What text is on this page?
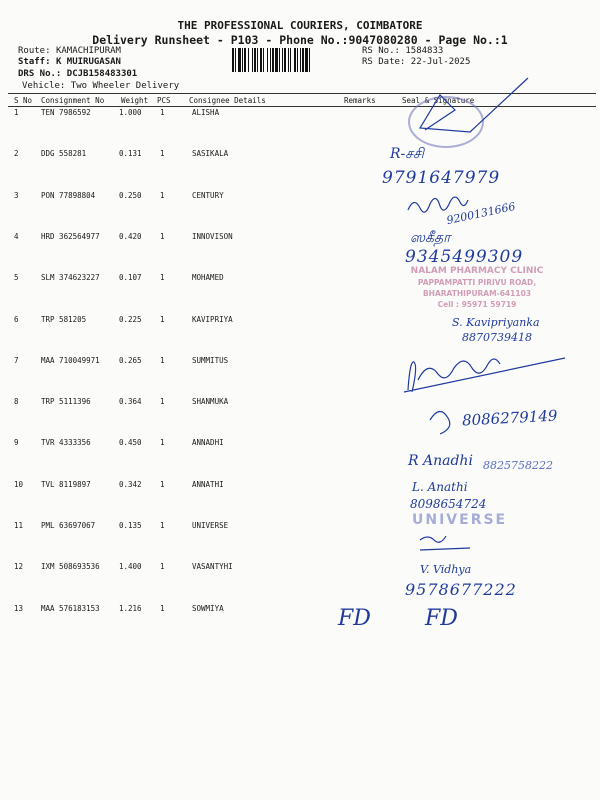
THE PROFESSIONAL COURIERS, COIMBATORE
Delivery Runsheet - P103 - Phone No.:9047080280 - Page No.:1
Route: KAMACHIPURAM
Staff: K MUIRUGASAN
DRS No.: DCJB158483301
Vehicle: Two Wheeler Delivery
RS No.: 1584833
RS Date: 22-Jul-2025
S No Consignment No Weight PCS Consignee Details	Remarks	Seal & Signature
1	TEN 7986592	1.000 1	ALISHA
2	DDG 558281	0.131 1	SASIKALA
3	PON 77898804	0.250 1	CENTURY
4	HRD 362564977	0.420 1	INNOVISON
5	SLM 374623227	0.107 1	MOHAMED
6	TRP 581205	0.225 1	KAVIPRIYA
7	MAA 710049971	0.265 1	SUMMITUS
8	TRP 5111396	0.364 1	SHANMUKA
9	TVR 4333356	0.450 1	ANNADHI
10 TVL 8119897	0.342 1	ANNATHI
11 PML 63697067	0.135 1	UNIVERSE
12 IXM 508693536	1.400 1	VASANTYHI
13 MAA 576183153	1.216 1	SOWMIYA
NALAM PHARMACY CLINIC
PAPPAMPATTI PIRIVU ROAD,
BHARATHIPURAM-641103
Cell : 95971 59719
UNIVERSE
R-சசி
9791647979
9200131666
ஸகீதா
9345499309
S. Kavipriyanka
8870739418
8086279149
R Anadhi 8825758222
L. Anathi
8098654724
V. Vidhya
9578677222
FD FD
